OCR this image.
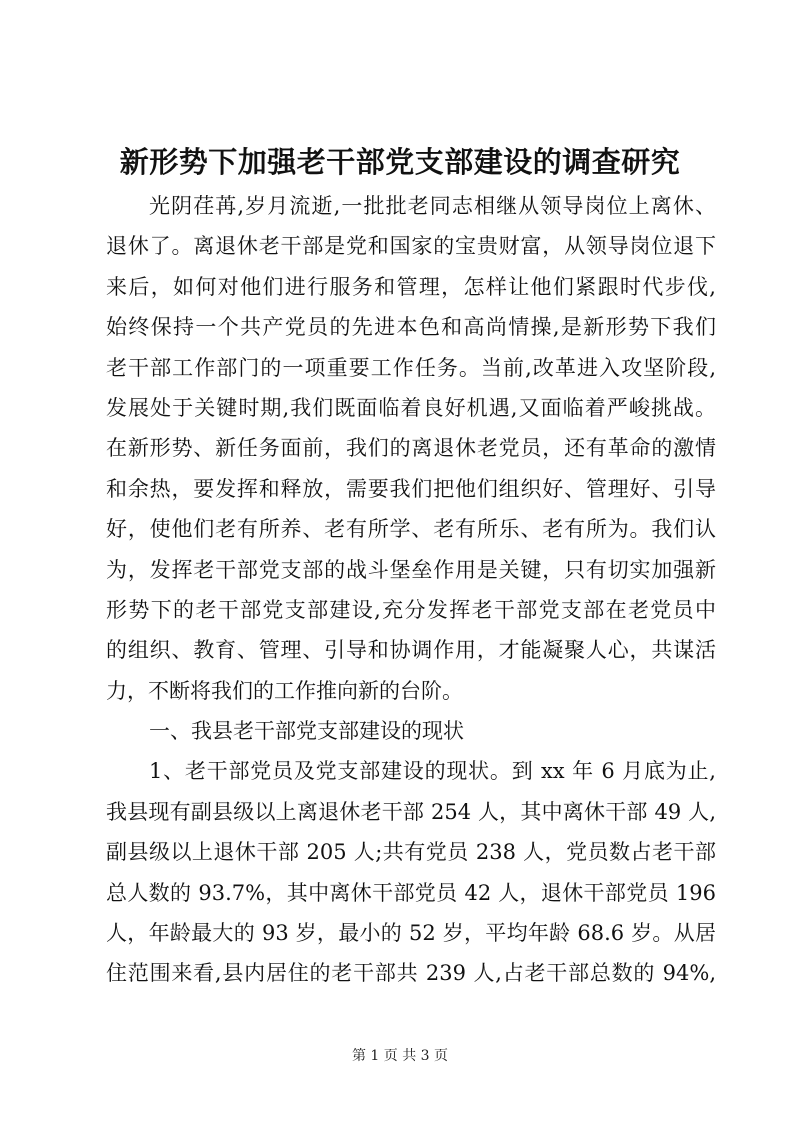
新形势下加强老干部党支部建设的调查研究
光阴荏苒,岁月流逝,一批批老同志相继从领导岗位上离休、
退休了。离退休老干部是党和国家的宝贵财富，从领导岗位退下
来后，如何对他们进行服务和管理，怎样让他们紧跟时代步伐,
始终保持一个共产党员的先进本色和高尚情操,是新形势下我们
老干部工作部门的一项重要工作任务。当前,改革进入攻坚阶段,
发展处于关键时期,我们既面临着良好机遇,又面临着严峻挑战。
在新形势、新任务面前，我们的离退休老党员，还有革命的激情
和余热，要发挥和释放，需要我们把他们组织好、管理好、引导
好，使他们老有所养、老有所学、老有所乐、老有所为。我们认
为，发挥老干部党支部的战斗堡垒作用是关键，只有切实加强新
形势下的老干部党支部建设,充分发挥老干部党支部在老党员中
的组织、教育、管理、引导和协调作用，才能凝聚人心，共谋活
力，不断将我们的工作推向新的台阶。
一、我县老干部党支部建设的现状
1、老干部党员及党支部建设的现状。到 xx 年 6 月底为止,
我县现有副县级以上离退休老干部 254 人，其中离休干部 49 人,
副县级以上退休干部 205 人;共有党员 238 人，党员数占老干部
总人数的 93.7%，其中离休干部党员 42 人，退休干部党员 196
人，年龄最大的 93 岁，最小的 52 岁，平均年龄 68.6 岁。从居
住范围来看,县内居住的老干部共 239 人,占老干部总数的 94%,
第 1 页 共 3 页
